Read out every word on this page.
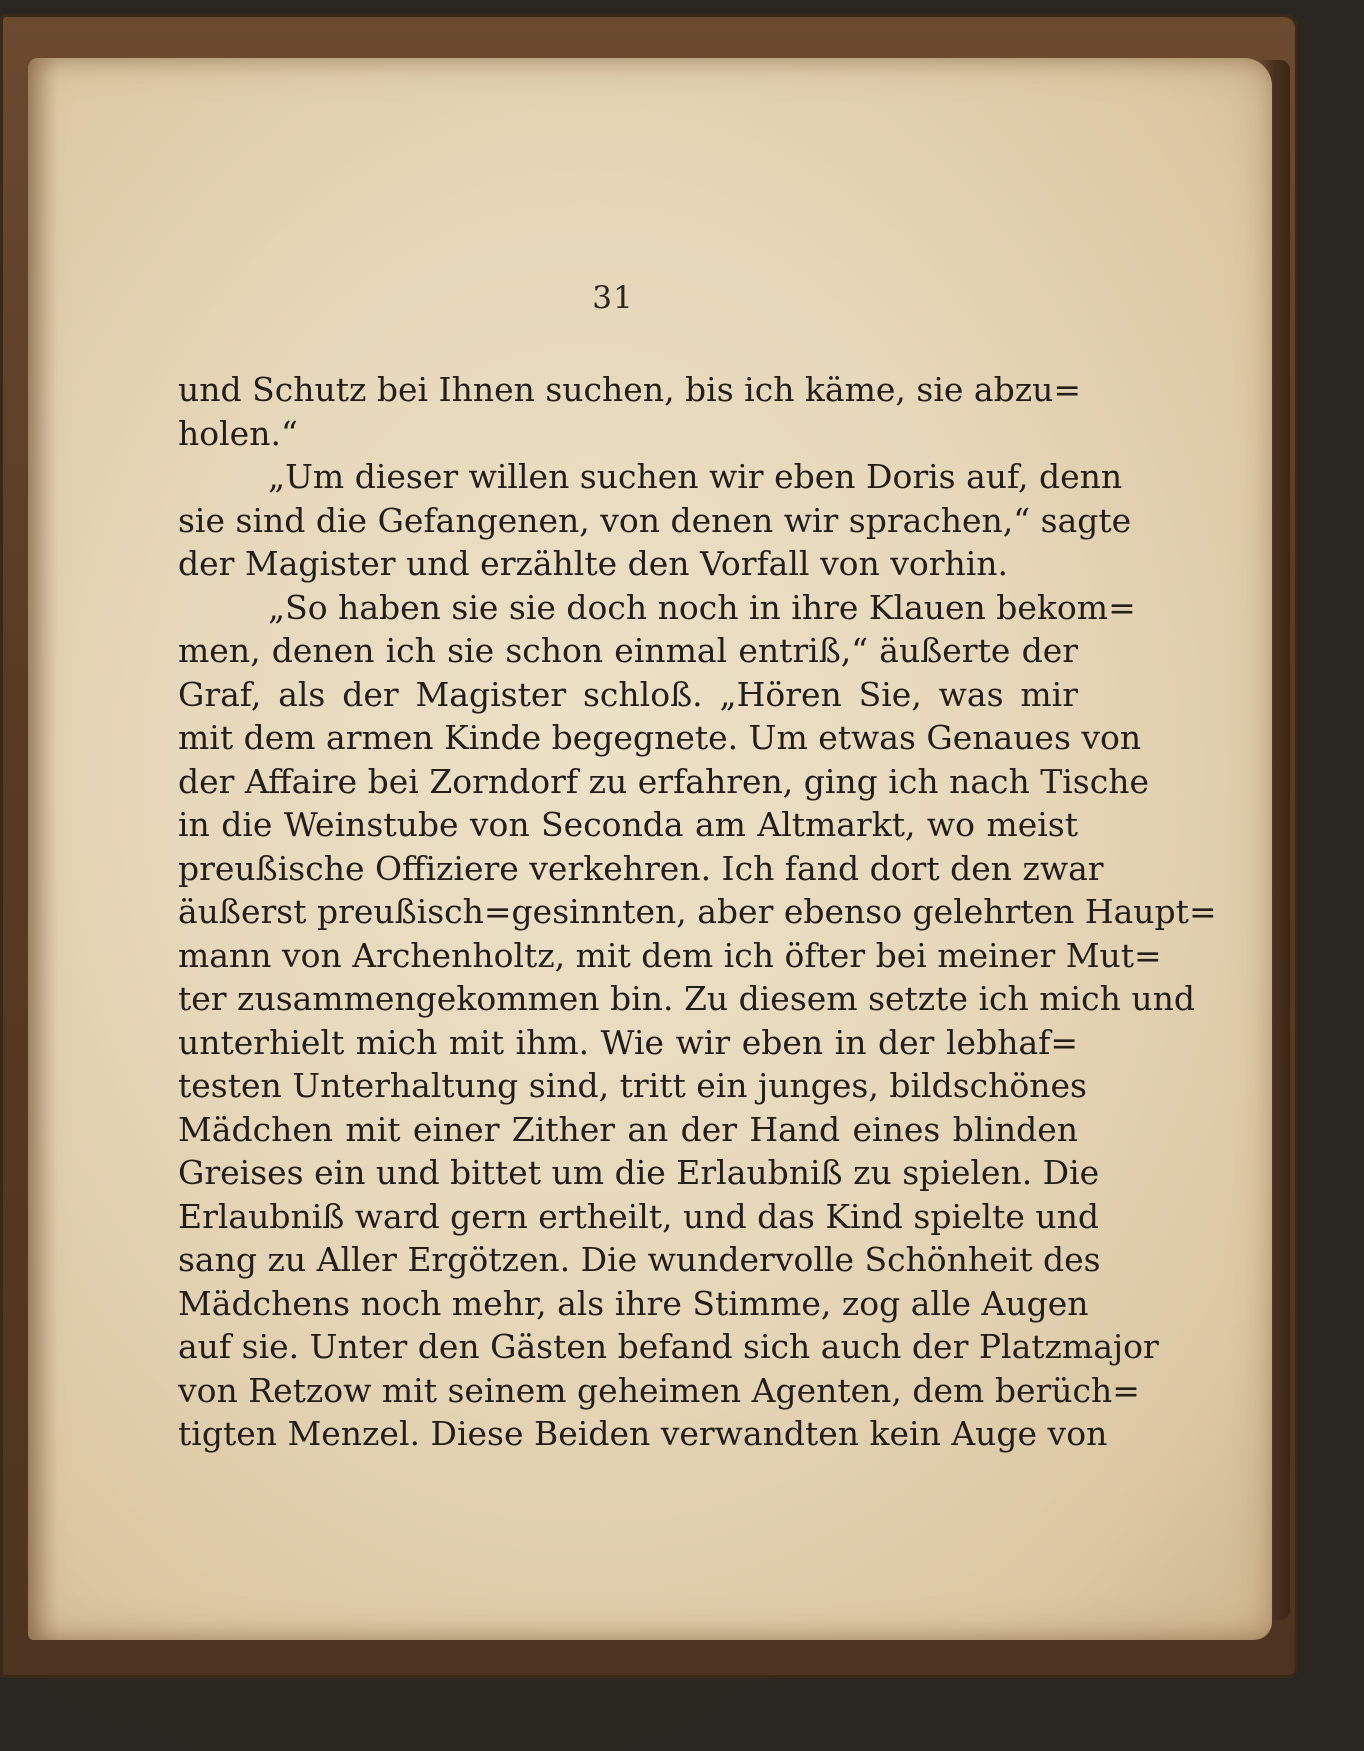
31
und Schutz bei Ihnen suchen, bis ich käme, sie abzu=
holen.“
„Um dieser willen suchen wir eben Doris auf, denn
sie sind die Gefangenen, von denen wir sprachen,“ sagte
der Magister und erzählte den Vorfall von vorhin.
„So haben sie sie doch noch in ihre Klauen bekom=
men, denen ich sie schon einmal entriß,“ äußerte der
Graf, als der Magister schloß. „Hören Sie, was mir
mit dem armen Kinde begegnete. Um etwas Genaues von
der Affaire bei Zorndorf zu erfahren, ging ich nach Tische
in die Weinstube von Seconda am Altmarkt, wo meist
preußische Offiziere verkehren. Ich fand dort den zwar
äußerst preußisch=gesinnten, aber ebenso gelehrten Haupt=
mann von Archenholtz, mit dem ich öfter bei meiner Mut=
ter zusammengekommen bin. Zu diesem setzte ich mich und
unterhielt mich mit ihm. Wie wir eben in der lebhaf=
testen Unterhaltung sind, tritt ein junges, bildschönes
Mädchen mit einer Zither an der Hand eines blinden
Greises ein und bittet um die Erlaubniß zu spielen. Die
Erlaubniß ward gern ertheilt, und das Kind spielte und
sang zu Aller Ergötzen. Die wundervolle Schönheit des
Mädchens noch mehr, als ihre Stimme, zog alle Augen
auf sie. Unter den Gästen befand sich auch der Platzmajor
von Retzow mit seinem geheimen Agenten, dem berüch=
tigten Menzel. Diese Beiden verwandten kein Auge von
